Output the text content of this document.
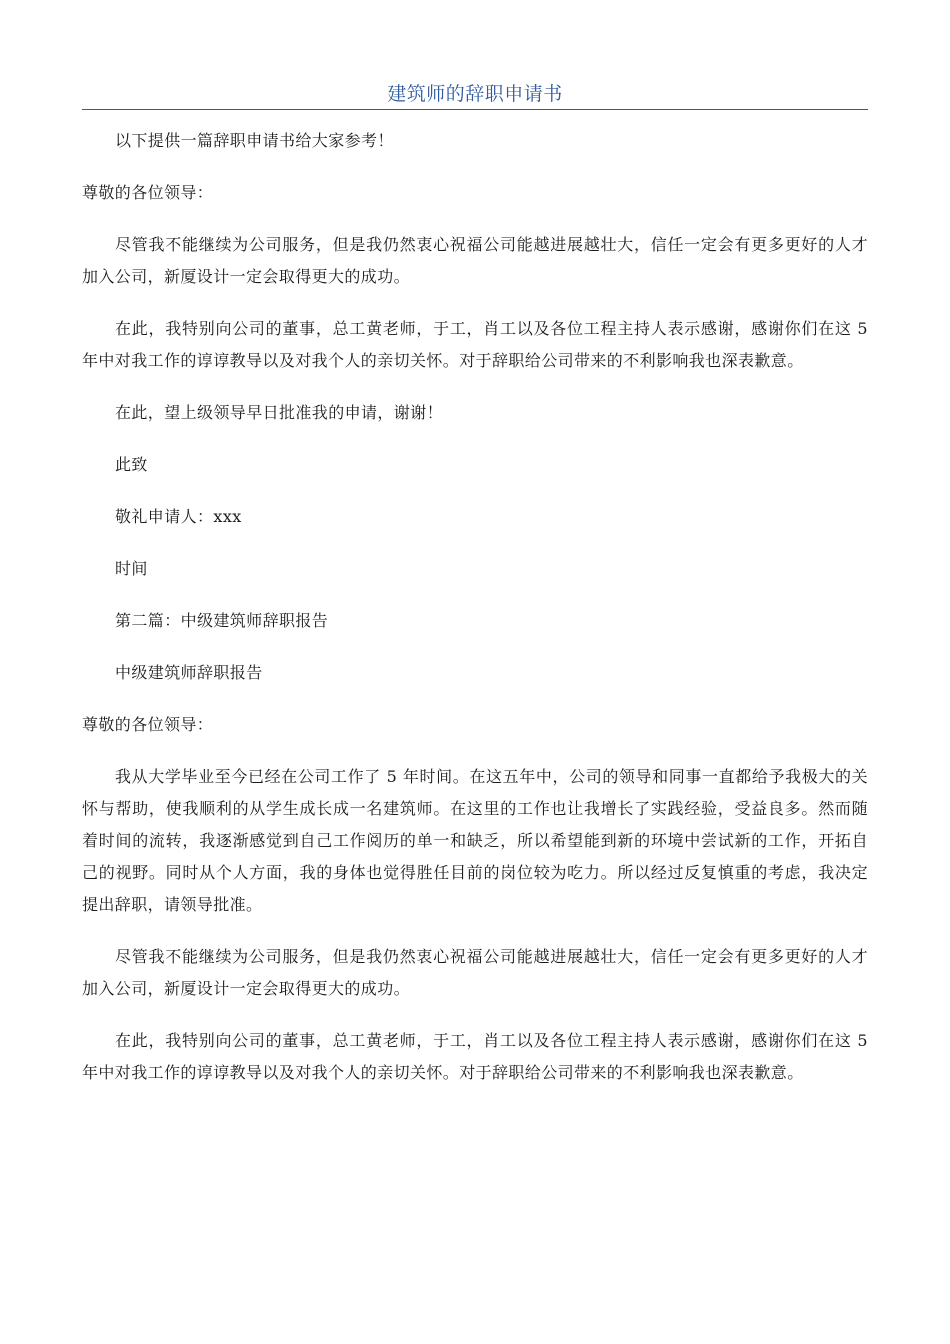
建筑师的辞职申请书

以下提供一篇辞职申请书给大家参考！

尊敬的各位领导：

尽管我不能继续为公司服务，但是我仍然衷心祝福公司能越进展越壮大，信任一定会有更多更好的人才加入公司，新厦设计一定会取得更大的成功。

在此，我特别向公司的董事，总工黄老师，于工，肖工以及各位工程主持人表示感谢，感谢你们在这 5 年中对我工作的谆谆教导以及对我个人的亲切关怀。对于辞职给公司带来的不利影响我也深表歉意。

在此，望上级领导早日批准我的申请，谢谢！

此致

敬礼申请人：xxx

时间

第二篇：中级建筑师辞职报告

中级建筑师辞职报告

尊敬的各位领导：

我从大学毕业至今已经在公司工作了 5 年时间。在这五年中，公司的领导和同事一直都给予我极大的关怀与帮助，使我顺利的从学生成长成一名建筑师。在这里的工作也让我增长了实践经验，受益良多。然而随着时间的流转，我逐渐感觉到自己工作阅历的单一和缺乏，所以希望能到新的环境中尝试新的工作，开拓自己的视野。同时从个人方面，我的身体也觉得胜任目前的岗位较为吃力。所以经过反复慎重的考虑，我决定提出辞职，请领导批准。

尽管我不能继续为公司服务，但是我仍然衷心祝福公司能越进展越壮大，信任一定会有更多更好的人才加入公司，新厦设计一定会取得更大的成功。

在此，我特别向公司的董事，总工黄老师，于工，肖工以及各位工程主持人表示感谢，感谢你们在这 5 年中对我工作的谆谆教导以及对我个人的亲切关怀。对于辞职给公司带来的不利影响我也深表歉意。
